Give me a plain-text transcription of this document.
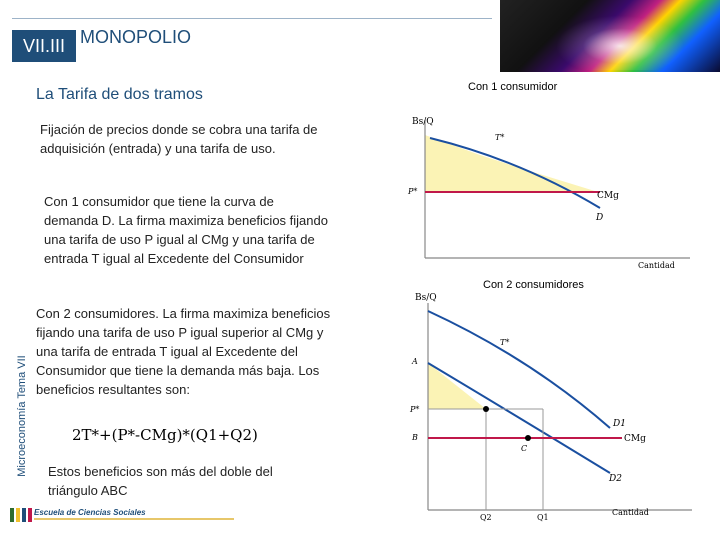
VII.III MONOPOLIO
La Tarifa de dos tramos
Fijación de precios donde se cobra una tarifa de adquisición (entrada) y una tarifa de uso.
Con 1 consumidor que tiene la curva de demanda D. La firma maximiza beneficios fijando una tarifa de uso P igual al CMg y una tarifa de entrada T igual al Excedente del Consumidor
Con 2 consumidores. La firma maximiza beneficios fijando una tarifa de uso P igual superior al CMg y una tarifa de entrada T igual al Excedente del Consumidor que tiene la demanda más baja. Los beneficios resultantes son:
2T*+(P*-CMg)*(Q1+Q2)
Estos beneficios son más del doble del triángulo ABC
Microeconomía Tema VII
Escuela de Ciencias Sociales
Con 1 consumidor
Bs/Q
T*
P*	CMg
D
Cantidad
Con 2 consumidores
Bs/Q
T*
A
P*
B
C
CMg
D1
D2
Q2	Q1
Cantidad
